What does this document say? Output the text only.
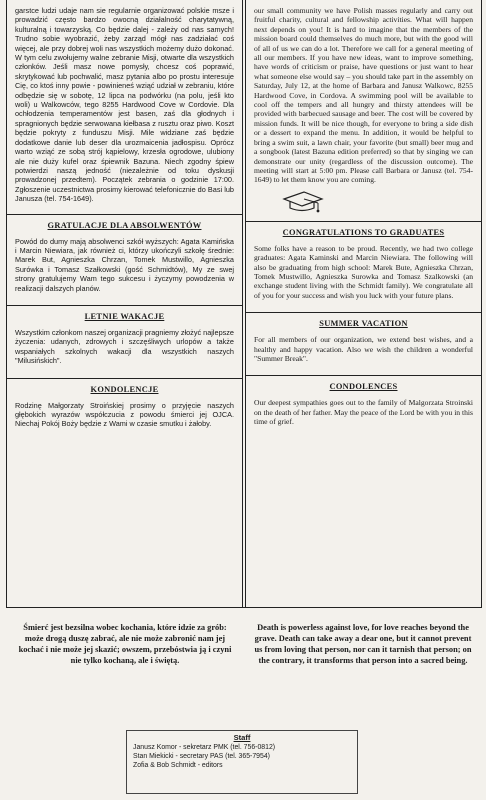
garstce ludzi udaje nam sie regularnie organizować polskie msze i prowadzić często bardzo owocną działalność charytatywną, kulturalną i towarzyską. Co będzie dalej - zależy od nas samych! Trudno sobie wyobrazić, żeby zarząd mógł nas zadziałać coś więcej, ale przy dobrej woli nas wszystkich możemy dużo dokonać. W tym celu zwołujemy walne zebranie Misji, otwarte dla wszystkich członków. Jeśli masz nowe pomysły, chcesz coś poprawić, skrytykować lub pochwalić, masz pytania albo po prostu interesuje Cię, co ktoś inny powie - powinieneś wziąć udział w zebraniu, które odbędzie się w sobotę, 12 lipca na podwórku (na polu, jeśli kto woli) u Walkowców, tego 8255 Hardwood Cove w Cordovie. Dla ochłodzenia temperamentów jest basen, zaś dla głodnych i spragnionych będzie serwowana kiełbasa z rusztu oraz piwo. Koszt będzie pokryty z funduszu Misji. Mile widziane zaś będzie dodatkowe danie lub deser dla urozmaicenia jadłospisu. Oprócz warto wziąć ze sobą strój kąpielowy, krzesła ogrodowe, ulubiony ale nie duży kufel oraz śpiewnik Bazuna. Niech zgodny śpiew potwierdzi naszą jedność (niezależnie od toku dyskusji prowadzonej przedtem). Początek zebrania o godzinie 17:00. Zgłoszenie uczestnictwa prosimy kierować telefonicznie do Basi lub Janusza (tel. 754-1649).

GRATULACJE DLA ABSOLWENTÓW

Powód do dumy mają absolwenci szkół wyższych: Agata Kamińska i Marcin Niewiara, jak również ci, którzy ukończyli szkołę średnie: Marek But, Agnieszka Chrzan, Tomek Mustwillo, Agnieszka Surówka i Tomasz Szałkowski (gość Schmidtów), My ze swej strony gratulujemy Wam tego sukcesu i życzymy powodzenia w realizacji dalszych planów.

LETNIE WAKACJE

Wszystkim członkom naszej organizacji pragniemy złożyć najlepsze życzenia: udanych, zdrowych i szczęśliwych urlopów a także wspaniałych szkolnych wakacji dla wszystkich naszych "Milusińskich".

KONDOLENCJE

Rodzinę Małgorzaty Stroińskiej prosimy o przyjęcie naszych głębokich wyrazów współczucia z powodu śmierci jej OJCA. Niechaj Pokój Boży będzie z Wami w czasie smutku i żałoby.

our small community we have Polish masses regularly and carry out fruitful charity, cultural and fellowship activities. What will happen next depends on you! It is hard to imagine that the members of the mission board could themselves do much more, but with the good will of all of us we can do a lot. Therefore we call for a general meeting of all our members. If you have new ideas, want to improve something, have words of criticism or praise, have questions or just want to hear what someone else would say – you should take part in the assembly on Saturday, July 12, at the home of Barbara and Janusz Walkowc, 8255 Hardwood Cove, in Cordova. A swimming pool will be available to cool off the tempers and all hungry and thirsty attendees will be provided with barbecued sausage and beer. The cost will be covered by mission funds. It will be nice though, for everyone to bring a side dish or a dessert to expand the menu. In addition, it would be helpful to bring a swim suit, a lawn chair, your favorite (but small) beer mug and a songbook (latest Bazuna edition preferred) so that by singing we can demonstrate our unity (regardless of the discussion outcome). The meeting will start at 5:00 pm. Please call Barbara or Janusz (tel. 754-1649) to let them know you are coming.

CONGRATULATIONS TO GRADUATES

Some folks have a reason to be proud. Recently, we had two college graduates: Agata Kaminski and Marcin Niewiara. The following will also be graduating from high school: Marek Bute, Agnieszka Chrzan, Tomek Mustwillo, Agnieszka Surowka and Tomasz Szalkowski (an exchange student living with the Schmidt family). We congratulate all of you for your success and wish you luck with your future plans.

SUMMER VACATION

For all members of our organization, we extend best wishes, and a healthy and happy vacation. Also we wish the children a wonderful "Summer Break".

CONDOLENCES

Our deepest sympathies goes out to the family of Malgorzata Stroinski on the death of her father. May the peace of the Lord be with you in this time of grief.

Śmierć jest bezsilna wobec kochania, które idzie za grób: może drogą duszę zabrać, ale nie może zabronić nam jej kochać i nie może jej skazić; owszem, przebóstwia ją i czyni nie tylko kochaną, ale i świętą.
Death is powerless against love, for love reaches beyond the grave. Death can take away a dear one, but it cannot prevent us from loving that person, nor can it tarnish that person; on the contrary, it transforms that person into a sacred being.
Staff
Janusz Komor - sekretarz PMK (tel. 756-0812)
Stan Miekicki - secretary PAS (tel. 365-7954)
Zofia & Bob Schmidt - editors
